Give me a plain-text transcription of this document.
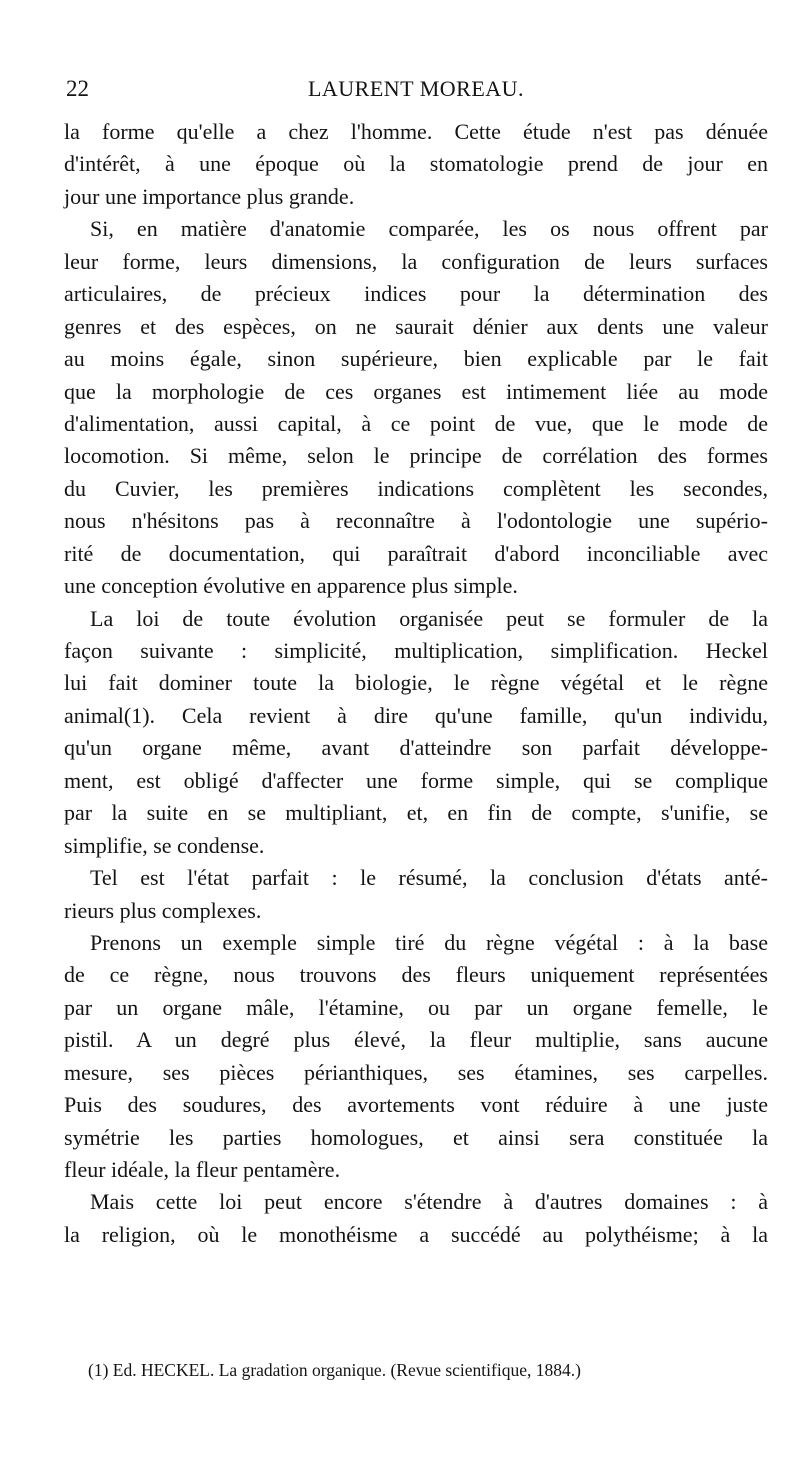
22	LAURENT MOREAU.
la forme qu'elle a chez l'homme. Cette étude n'est pas dénuée
d'intérêt, à une époque où la stomatologie prend de jour en
jour une importance plus grande.
Si, en matière d'anatomie comparée, les os nous offrent par
leur forme, leurs dimensions, la configuration de leurs surfaces
articulaires, de précieux indices pour la détermination des
genres et des espèces, on ne saurait dénier aux dents une valeur
au moins égale, sinon supérieure, bien explicable par le fait
que la morphologie de ces organes est intimement liée au mode
d'alimentation, aussi capital, à ce point de vue, que le mode de
locomotion. Si même, selon le principe de corrélation des formes
du Cuvier, les premières indications complètent les secondes,
nous n'hésitons pas à reconnaître à l'odontologie une supério-
rité de documentation, qui paraîtrait d'abord inconciliable avec
une conception évolutive en apparence plus simple.
La loi de toute évolution organisée peut se formuler de la
façon suivante : simplicité, multiplication, simplification. Heckel
lui fait dominer toute la biologie, le règne végétal et le règne
animal(1). Cela revient à dire qu'une famille, qu'un individu,
qu'un organe même, avant d'atteindre son parfait développe-
ment, est obligé d'affecter une forme simple, qui se complique
par la suite en se multipliant, et, en fin de compte, s'unifie, se
simplifie, se condense.
Tel est l'état parfait : le résumé, la conclusion d'états anté-
rieurs plus complexes.
Prenons un exemple simple tiré du règne végétal : à la base
de ce règne, nous trouvons des fleurs uniquement représentées
par un organe mâle, l'étamine, ou par un organe femelle, le
pistil. A un degré plus élevé, la fleur multiplie, sans aucune
mesure, ses pièces périanthiques, ses étamines, ses carpelles.
Puis des soudures, des avortements vont réduire à une juste
symétrie les parties homologues, et ainsi sera constituée la
fleur idéale, la fleur pentamère.
Mais cette loi peut encore s'étendre à d'autres domaines : à
la religion, où le monothéisme a succédé au polythéisme; à la
(1) Ed. HECKEL. La gradation organique. (Revue scientifique, 1884.)
